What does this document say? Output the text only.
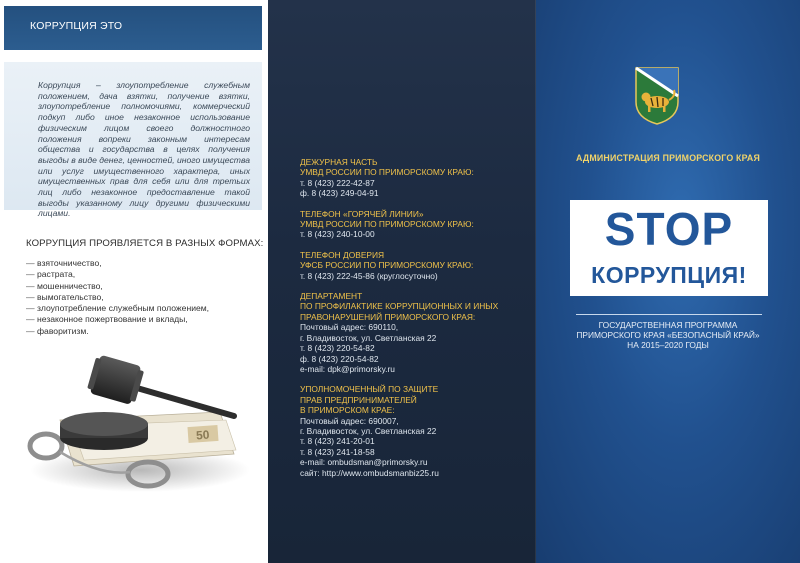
КОРРУПЦИЯ ЭТО

Коррупция – злоупотребление служебным положением, дача взятки, получение взятки, злоупотребление полномочиями, коммерческий подкуп либо иное незаконное использование физическим лицом своего должностного положения вопреки законным интересам общества и государства в целях получения выгоды в виде денег, ценностей, иного имущества или услуг имущественного характера, иных имущественных прав для себя или для третьих лиц либо незаконное предоставление такой выгоды указанному лицу другими физическими лицами.

КОРРУПЦИЯ ПРОЯВЛЯЕТСЯ В РАЗНЫХ ФОРМАХ:
— взяточничество,
— растрата,
— мошенничество,
— вымогательство,
— злоупотребление служебным положением,
— незаконное пожертвование и вклады,
— фаворитизм.
50
ДЕЖУРНАЯ ЧАСТЬ
УМВД РОССИИ ПО ПРИМОРСКОМУ КРАЮ:
т. 8 (423) 222-42-87
ф. 8 (423) 249-04-91
ТЕЛЕФОН «ГОРЯЧЕЙ ЛИНИИ»
УМВД РОССИИ ПО ПРИМОРСКОМУ КРАЮ:
т. 8 (423) 240-10-00
ТЕЛЕФОН ДОВЕРИЯ
УФСБ РОССИИ ПО ПРИМОРСКОМУ КРАЮ:
т. 8 (423) 222-45-86 (круглосуточно)
ДЕПАРТАМЕНТ
ПО ПРОФИЛАКТИКЕ КОРРУПЦИОННЫХ И ИНЫХ
ПРАВОНАРУШЕНИЙ ПРИМОРСКОГО КРАЯ:
Почтовый адрес: 690110,
г. Владивосток, ул. Светланская 22
т. 8 (423) 220-54-82
ф. 8 (423) 220-54-82
e-mail: dpk@primorsky.ru
УПОЛНОМОЧЕННЫЙ ПО ЗАЩИТЕ
ПРАВ ПРЕДПРИНИМАТЕЛЕЙ
В ПРИМОРСКОМ КРАЕ:
Почтовый адрес: 690007,
г. Владивосток, ул. Светланская 22
т. 8 (423) 241-20-01
т. 8 (423) 241-18-58
e-mail: ombudsman@primorsky.ru
сайт: http://www.ombudsmanbiz25.ru
АДМИНИСТРАЦИЯ ПРИМОРСКОГО КРАЯ
STOP
КОРРУПЦИЯ!
ГОСУДАРСТВЕННАЯ ПРОГРАММА
ПРИМОРСКОГО КРАЯ «БЕЗОПАСНЫЙ КРАЙ»
НА 2015–2020 ГОДЫ
